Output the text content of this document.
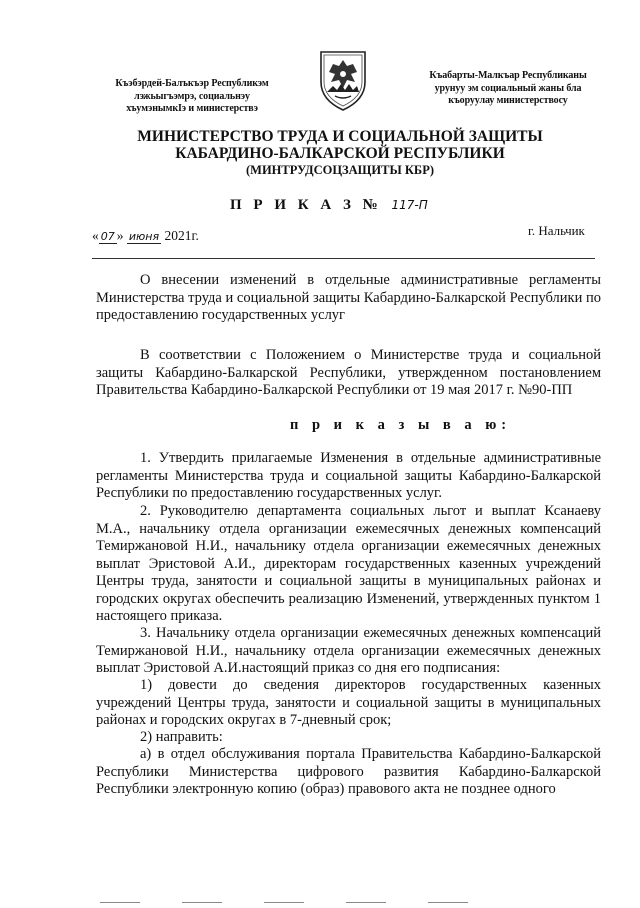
Къэбэрдей-Балъкъэр Республикэм
лэжьыгъэмрэ, социальнэу
хъумэнымкIэ и министерствэ
Къабарты-Малкъар Республиканы
урунуу эм социальный жаны бла
къоруулау министерствосу
МИНИСТЕРСТВО ТРУДА И СОЦИАЛЬНОЙ ЗАЩИТЫ
КАБАРДИНО-БАЛКАРСКОЙ РЕСПУБЛИКИ
(МИНТРУДСОЦЗАЩИТЫ КБР)
П Р И К А З № 117-П
« 07 » июня 2021г.	г. Нальчик
О внесении изменений в отдельные административные регламенты Министерства труда и социальной защиты Кабардино-Балкарской Республики по предоставлению государственных услуг
В соответствии с Положением о Министерстве труда и социальной защиты Кабардино-Балкарской Республики, утвержденном постановлением Правительства Кабардино-Балкарской Республики от 19 мая 2017 г. №90-ПП
п р и к а з ы в а ю:
1. Утвердить прилагаемые Изменения в отдельные административные регламенты Министерства труда и социальной защиты Кабардино-Балкарской Республики по предоставлению государственных услуг.
2. Руководителю департамента социальных льгот и выплат Ксанаеву М.А., начальнику отдела организации ежемесячных денежных компенсаций Темиржановой Н.И., начальнику отдела организации ежемесячных денежных выплат Эристовой А.И., директорам государственных казенных учреждений Центры труда, занятости и социальной защиты в муниципальных районах и городских округах обеспечить реализацию Изменений, утвержденных пунктом 1 настоящего приказа.
3. Начальнику отдела организации ежемесячных денежных компенсаций Темиржановой Н.И., начальнику отдела организации ежемесячных денежных выплат Эристовой А.И.настоящий приказ со дня его подписания:
1) довести до сведения директоров государственных казенных учреждений Центры труда, занятости и социальной защиты в муниципальных районах и городских округах в 7-дневный срок;
2) направить:
а) в отдел обслуживания портала Правительства Кабардино-Балкарской Республики Министерства цифрового развития Кабардино-Балкарской Республики электронную копию (образ) правового акта не позднее одного
